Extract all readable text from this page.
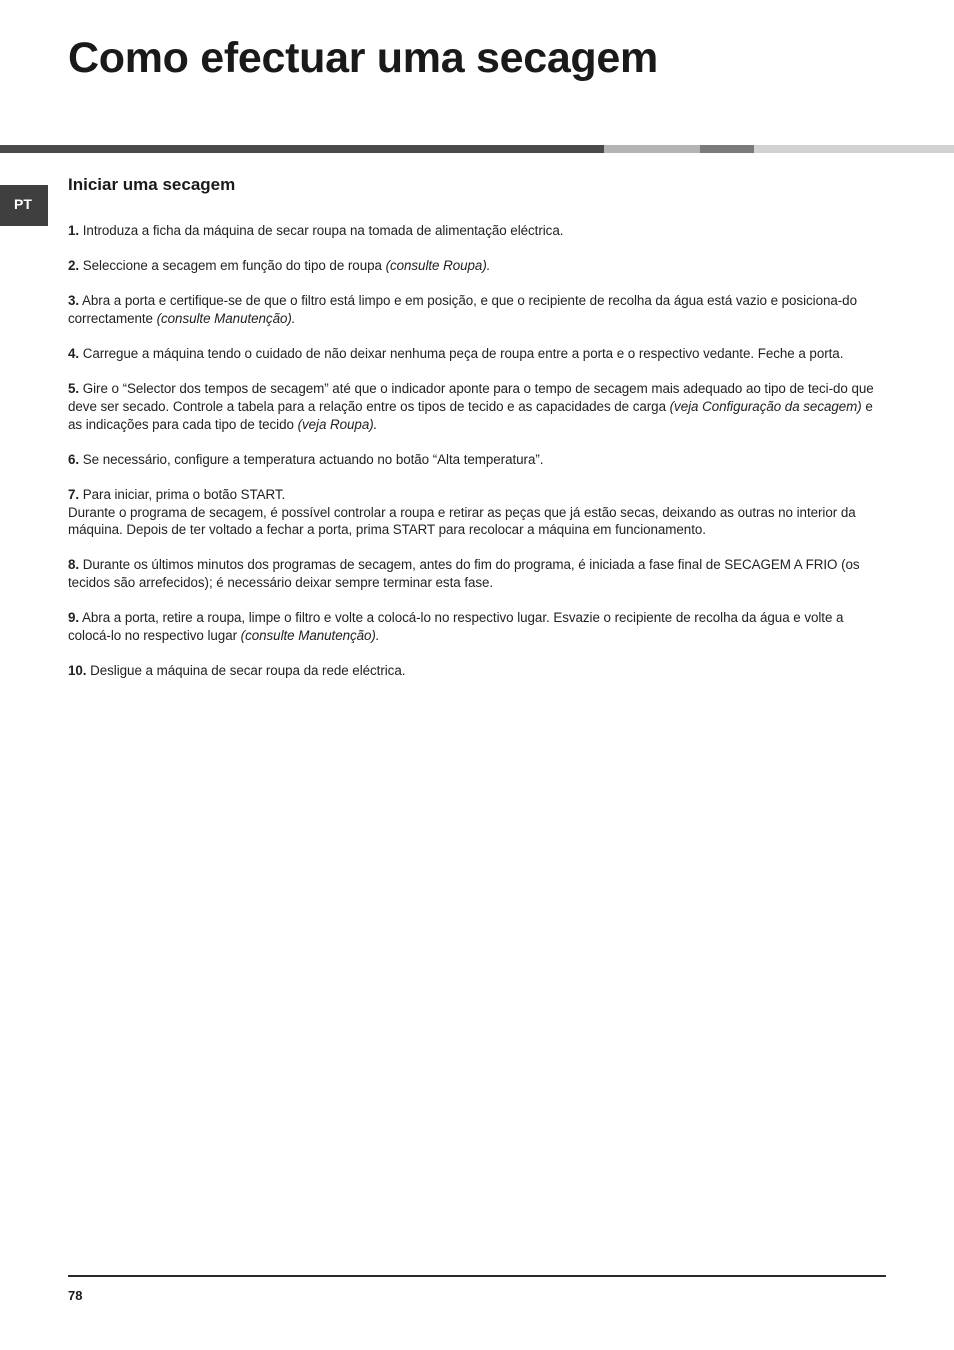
Como efectuar uma secagem
PT
Iniciar uma secagem

1. Introduza a ficha da máquina de secar roupa na tomada de alimentação eléctrica.

2. Seleccione a secagem em função do tipo de roupa (consulte Roupa).

3. Abra a porta e certifique-se de que o filtro está limpo e em posição, e que o recipiente de recolha da água está vazio e posiciona-do correctamente (consulte Manutenção).

4. Carregue a máquina tendo o cuidado de não deixar nenhuma peça de roupa entre a porta e o respectivo vedante. Feche a porta.

5. Gire o “Selector dos tempos de secagem” até que o indicador aponte para o tempo de secagem mais adequado ao tipo de teci-do que deve ser secado. Controle a tabela para a relação entre os tipos de tecido e as capacidades de carga (veja Configuração da secagem) e as indicações para cada tipo de tecido (veja Roupa).

6. Se necessário, configure a temperatura actuando no botão “Alta temperatura”.

7. Para iniciar, prima o botão START.
Durante o programa de secagem, é possível controlar a roupa e retirar as peças que já estão secas, deixando as outras no interior da máquina. Depois de ter voltado a fechar a porta, prima START para recolocar a máquina em funcionamento.

8. Durante os últimos minutos dos programas de secagem, antes do fim do programa, é iniciada a fase final de SECAGEM A FRIO (os tecidos são arrefecidos); é necessário deixar sempre terminar esta fase.

9. Abra a porta, retire a roupa, limpe o filtro e volte a colocá-lo no respectivo lugar. Esvazie o recipiente de recolha da água e volte a colocá-lo no respectivo lugar (consulte Manutenção).

10. Desligue a máquina de secar roupa da rede eléctrica.

78
